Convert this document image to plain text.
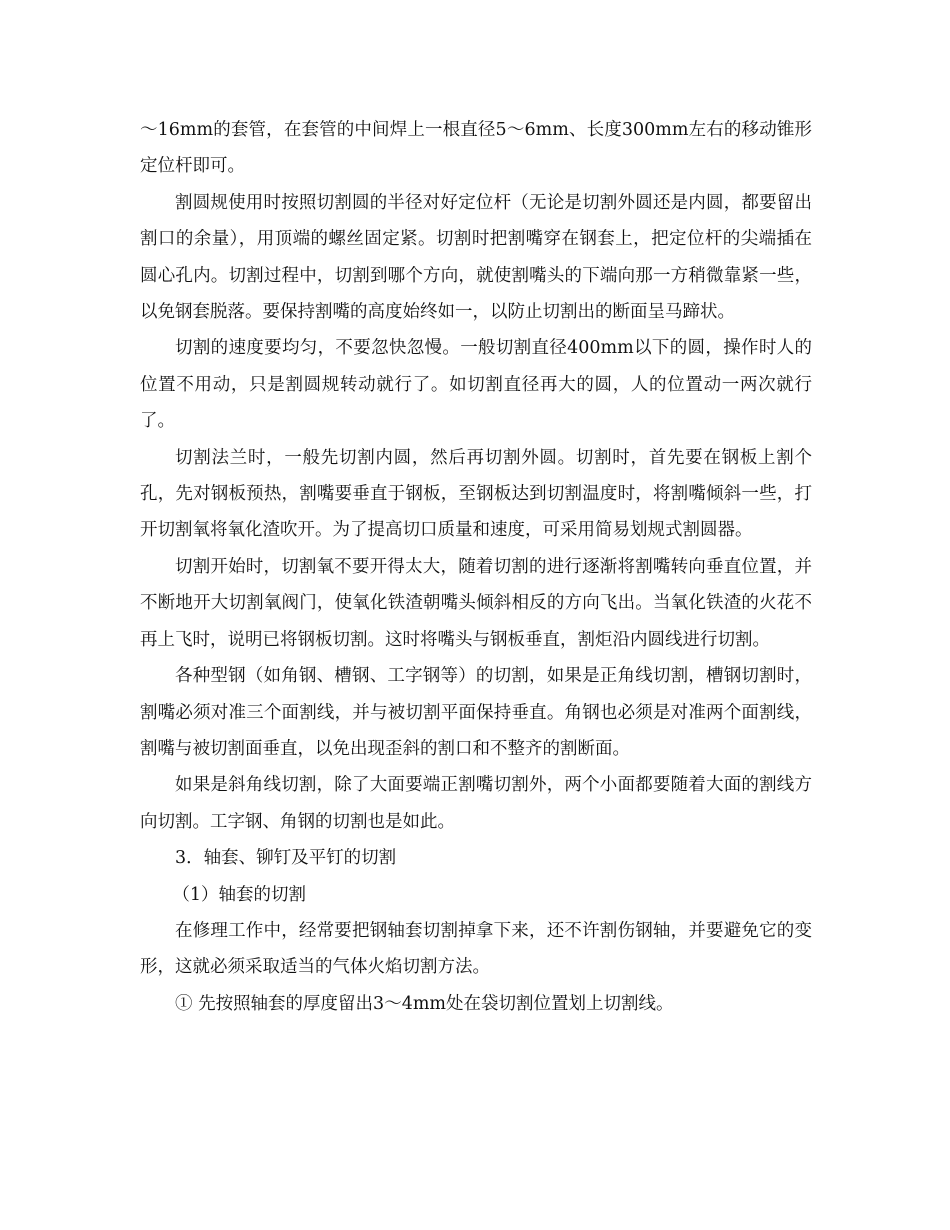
～16mm的套管，在套管的中间焊上一根直径5～6mm、长度300mm左右的移动锥形定位杆即可。

割圆规使用时按照切割圆的半径对好定位杆（无论是切割外圆还是内圆，都要留出割口的余量），用顶端的螺丝固定紧。切割时把割嘴穿在钢套上，把定位杆的尖端插在圆心孔内。切割过程中，切割到哪个方向，就使割嘴头的下端向那一方稍微靠紧一些，以免钢套脱落。要保持割嘴的高度始终如一，以防止切割出的断面呈马蹄状。

切割的速度要均匀，不要忽快忽慢。一般切割直径400mm以下的圆，操作时人的位置不用动，只是割圆规转动就行了。如切割直径再大的圆，人的位置动一两次就行了。

切割法兰时，一般先切割内圆，然后再切割外圆。切割时，首先要在钢板上割个孔，先对钢板预热，割嘴要垂直于钢板，至钢板达到切割温度时，将割嘴倾斜一些，打开切割氧将氧化渣吹开。为了提高切口质量和速度，可采用简易划规式割圆器。

切割开始时，切割氧不要开得太大，随着切割的进行逐渐将割嘴转向垂直位置，并不断地开大切割氧阀门，使氧化铁渣朝嘴头倾斜相反的方向飞出。当氧化铁渣的火花不再上飞时，说明已将钢板切割。这时将嘴头与钢板垂直，割炬沿内圆线进行切割。

各种型钢（如角钢、槽钢、工字钢等）的切割，如果是正角线切割，槽钢切割时，割嘴必须对准三个面割线，并与被切割平面保持垂直。角钢也必须是对准两个面割线，割嘴与被切割面垂直，以免出现歪斜的割口和不整齐的割断面。

如果是斜角线切割，除了大面要端正割嘴切割外，两个小面都要随着大面的割线方向切割。工字钢、角钢的切割也是如此。

3．轴套、铆钉及平钉的切割

（1）轴套的切割

在修理工作中，经常要把钢轴套切割掉拿下来，还不许割伤钢轴，并要避免它的变形，这就必须采取适当的气体火焰切割方法。

① 先按照轴套的厚度留出3～4mm处在袋切割位置划上切割线。
